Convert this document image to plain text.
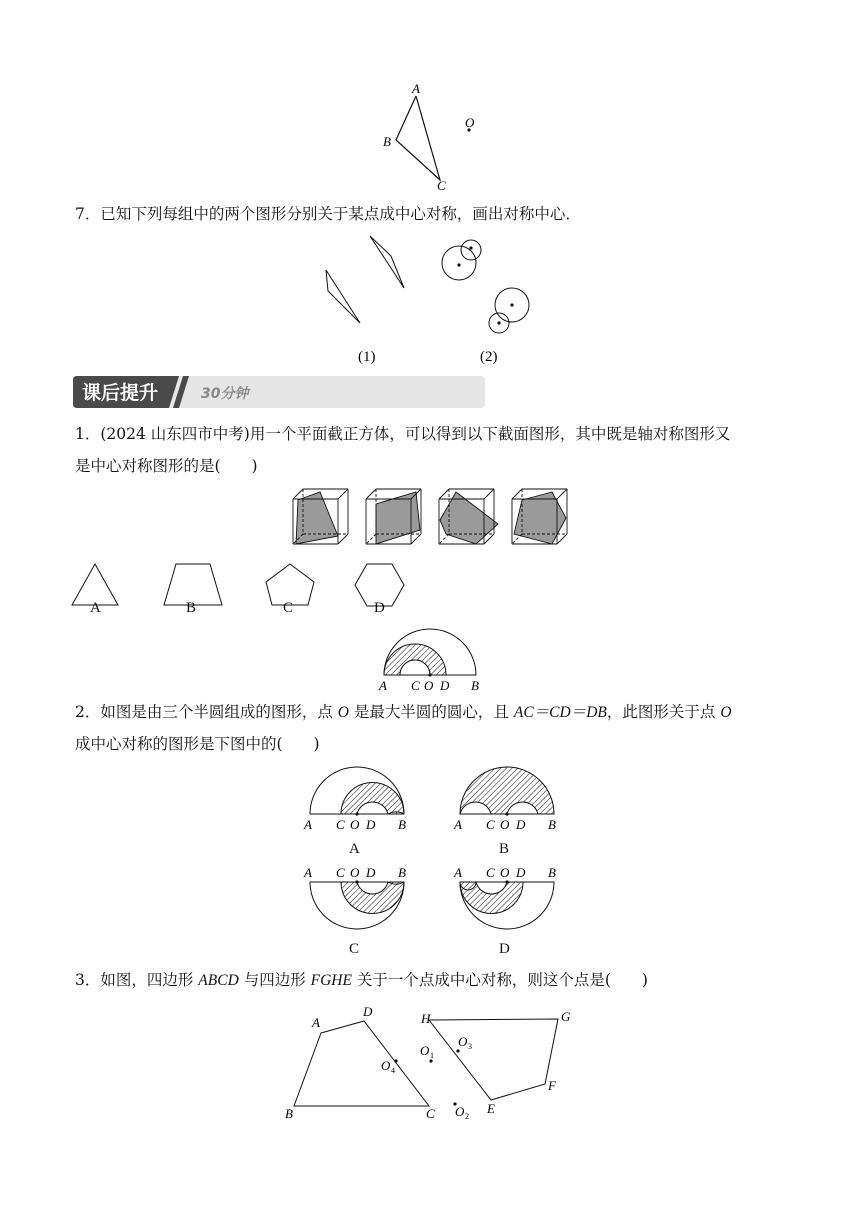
A
B
C
O
7．已知下列每组中的两个图形分别关于某点成中心对称，画出对称中心．
(1)	(2)
课后提升	30分钟
1．(2024 山东四市中考)用一个平面截正方体，可以得到以下截面图形，其中既是轴对称图形又
是中心对称图形的是(　　)
A	B	C	D
A C O D B
2．如图是由三个半圆组成的图形，点 O 是最大半圆的圆心，且 AC＝CD＝DB，此图形关于点 O
成中心对称的图形是下图中的(　　)
A C O D B	A C O D B
A	B
A C O D B	A C O D B
C	D
3．如图，四边形 ABCD 与四边形 FGHE 关于一个点成中心对称，则这个点是(　　)
A
D
B	C
H	G
F
E
O 4
O 1
O 3
O 2
